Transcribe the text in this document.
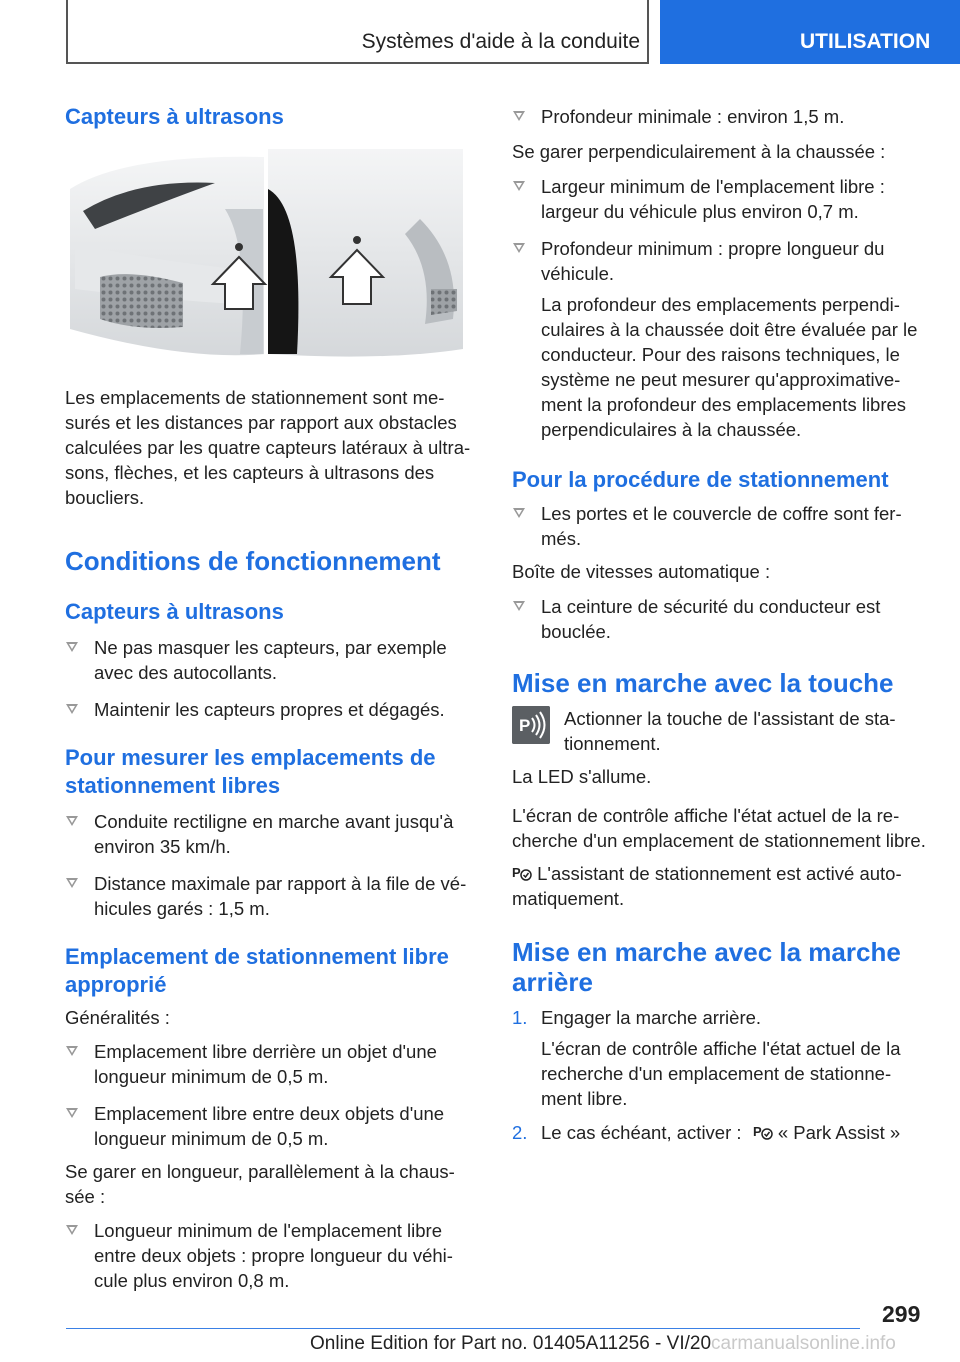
Systèmes d'aide à la conduite	UTILISATION
Capteurs à ultrasons
Les emplacements de stationnement sont mesurés et les distances par rapport aux obstacles calculées par les quatre capteurs latéraux à ultrasons, flèches, et les capteurs à ultrasons des boucliers.
Conditions de fonctionnement
Capteurs à ultrasons
Ne pas masquer les capteurs, par exemple avec des autocollants.
Maintenir les capteurs propres et dégagés.
Pour mesurer les emplacements de stationnement libres
Conduite rectiligne en marche avant jusqu'à environ 35 km/h.
Distance maximale par rapport à la file de véhicules garés : 1,5 m.
Emplacement de stationnement libre approprié
Généralités :
Emplacement libre derrière un objet d'une longueur minimum de 0,5 m.
Emplacement libre entre deux objets d'une longueur minimum de 0,5 m.
Se garer en longueur, parallèlement à la chaussée :
Longueur minimum de l'emplacement libre entre deux objets : propre longueur du véhicule plus environ 0,8 m.
Profondeur minimale : environ 1,5 m.
Se garer perpendiculairement à la chaussée :
Largeur minimum de l'emplacement libre : largeur du véhicule plus environ 0,7 m.
Profondeur minimum : propre longueur du véhicule.
La profondeur des emplacements perpendiculaires à la chaussée doit être évaluée par le conducteur. Pour des raisons techniques, le système ne peut mesurer qu'approximativement la profondeur des emplacements libres perpendiculaires à la chaussée.
Pour la procédure de stationnement
Les portes et le couvercle de coffre sont fermés.
Boîte de vitesses automatique :
La ceinture de sécurité du conducteur est bouclée.
Mise en marche avec la touche
P Actionner la touche de l'assistant de stationnement.
La LED s'allume.
L'écran de contrôle affiche l'état actuel de la recherche d'un emplacement de stationnement libre.
P L'assistant de stationnement est activé automatiquement.
Mise en marche avec la marche arrière
1. Engager la marche arrière.
L'écran de contrôle affiche l'état actuel de la recherche d'un emplacement de stationnement libre.
2. Le cas échéant, activer : P « Park Assist »
299
Online Edition for Part no. 01405A11256 - VI/20carmanualsonline.info
